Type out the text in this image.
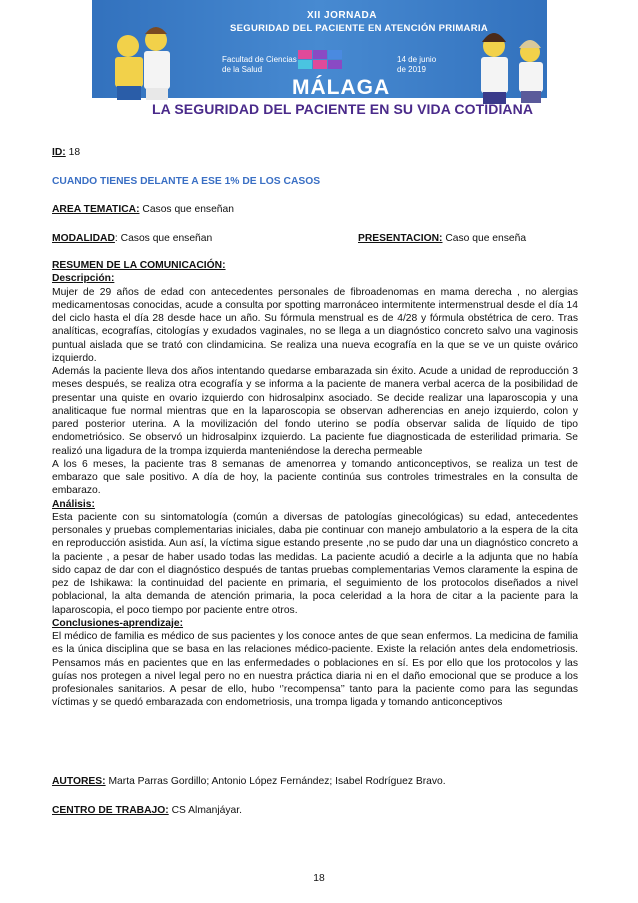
XII JORNADA
SEGURIDAD DEL PACIENTE EN ATENCIÓN PRIMARIA
Facultad de Ciencias
de la Salud
14 de junio
de 2019
MÁLAGA
LA SEGURIDAD DEL PACIENTE EN SU VIDA COTIDIANA
ID: 18
CUANDO TIENES DELANTE A ESE 1% DE LOS CASOS
AREA TEMATICA: Casos que enseñan
MODALIDAD: Casos que enseñan	PRESENTACION: Caso que enseña
RESUMEN DE LA COMUNICACIÓN:
Descripción:

Mujer de 29 años de edad con antecedentes personales de fibroadenomas en mama derecha , no alergias medicamentosas conocidas, acude a consulta por spotting marronáceo intermitente intermenstrual desde el día 14 del ciclo hasta el día 28 desde hace un año. Su fórmula menstrual es de 4/28 y fórmula obstétrica de cero. Tras analíticas, ecografías, citologías y exudados vaginales, no se llega a un diagnóstico concreto salvo una vaginosis puntual aislada que se trató con clindamicina. Se realiza una nueva ecografía en la que se ve un quiste ovárico izquierdo.

Además la paciente lleva dos años intentando quedarse embarazada sin éxito. Acude a unidad de reproducción 3 meses después, se realiza otra ecografía y se informa a la paciente de manera verbal acerca de la posibilidad de presentar una quiste en ovario izquierdo con hidrosalpinx asociado. Se decide realizar una laparoscopia y una analiticaque fue normal mientras que en la laparoscopia se observan adherencias en anejo izquierdo, colon y pared posterior uterina. A la movilización del fondo uterino se podía observar salida de líquido de tipo endometriósico. Se observó un hidrosalpinx izquierdo. La paciente fue diagnosticada de esterilidad primaria. Se realizó una ligadura de la trompa izquierda manteniéndose la derecha permeable

A los 6 meses, la paciente tras 8 semanas de amenorrea y tomando anticonceptivos, se realiza un test de embarazo que sale positivo. A día de hoy, la paciente continúa sus controles trimestrales en la consulta de embarazo.

Análisis:

Esta paciente con su sintomatología (común a diversas de patologías ginecológicas) su edad, antecedentes personales y pruebas complementarias iniciales, daba pie continuar con manejo ambulatorio a la espera de la cita en reproducción asistida. Aun así, la víctima sigue estando presente ,no se pudo dar una un diagnóstico concreto a la paciente , a pesar de haber usado todas las medidas. La paciente acudió a decirle a la adjunta que no había sido capaz de dar con el diagnóstico después de tantas pruebas complementarias Vemos claramente la espina de pez de Ishikawa: la continuidad del paciente en primaria, el seguimiento de los protocolos diseñados a nivel poblacional, la alta demanda de atención primaria, la poca celeridad a la hora de citar a la paciente para la laparoscopia, el poco tiempo por paciente entre otros.

Conclusiones-aprendizaje:

El médico de familia es médico de sus pacientes y los conoce antes de que sean enfermos. La medicina de familia es la única disciplina que se basa en las relaciones médico-paciente. Existe la relación antes dela endometriosis. Pensamos más en pacientes que en las enfermedades o poblaciones en sí. Es por ello que los protocolos y las guías nos protegen a nivel legal pero no en nuestra práctica diaria ni en el daño emocional que se produce a los profesionales sanitarios. A pesar de ello, hubo ‘’recompensa’’ tanto para la paciente como para las segundas víctimas y se quedó embarazada con endometriosis, una trompa ligada y tomando anticonceptivos

AUTORES: Marta Parras Gordillo; Antonio López Fernández; Isabel Rodríguez Bravo.
CENTRO DE TRABAJO: CS Almanjáyar.
18
